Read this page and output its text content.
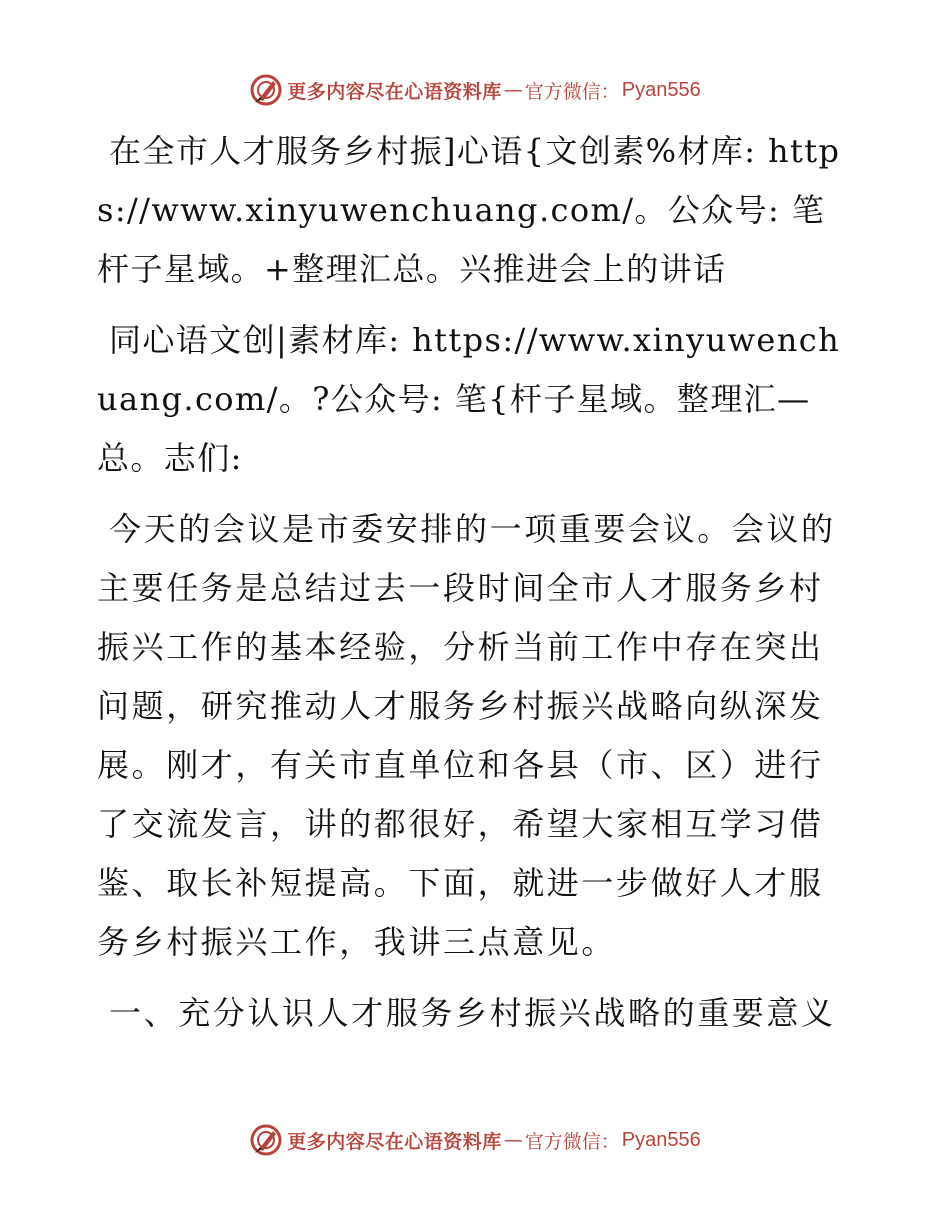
更多内容尽在心语资料库 — 官方微信： Pyan556

在全市人才服务乡村振]心语{文创素%材库: https://www.xinyuwenchuang.com/。公众号: 笔杆子星域。+整理汇总。兴推进会上的讲话

同心语文创|素材库: https://www.xinyuwenchuang.com/。?公众号: 笔{杆子星域。整理汇—总。志们:

今天的会议是市委安排的一项重要会议。会议的主要任务是总结过去一段时间全市人才服务乡村振兴工作的基本经验，分析当前工作中存在突出问题，研究推动人才服务乡村振兴战略向纵深发展。刚才，有关市直单位和各县（市、区）进行了交流发言，讲的都很好，希望大家相互学习借鉴、取长补短提高。下面，就进一步做好人才服务乡村振兴工作，我讲三点意见。

一、充分认识人才服务乡村振兴战略的重要意义

更多内容尽在心语资料库 — 官方微信： Pyan556
